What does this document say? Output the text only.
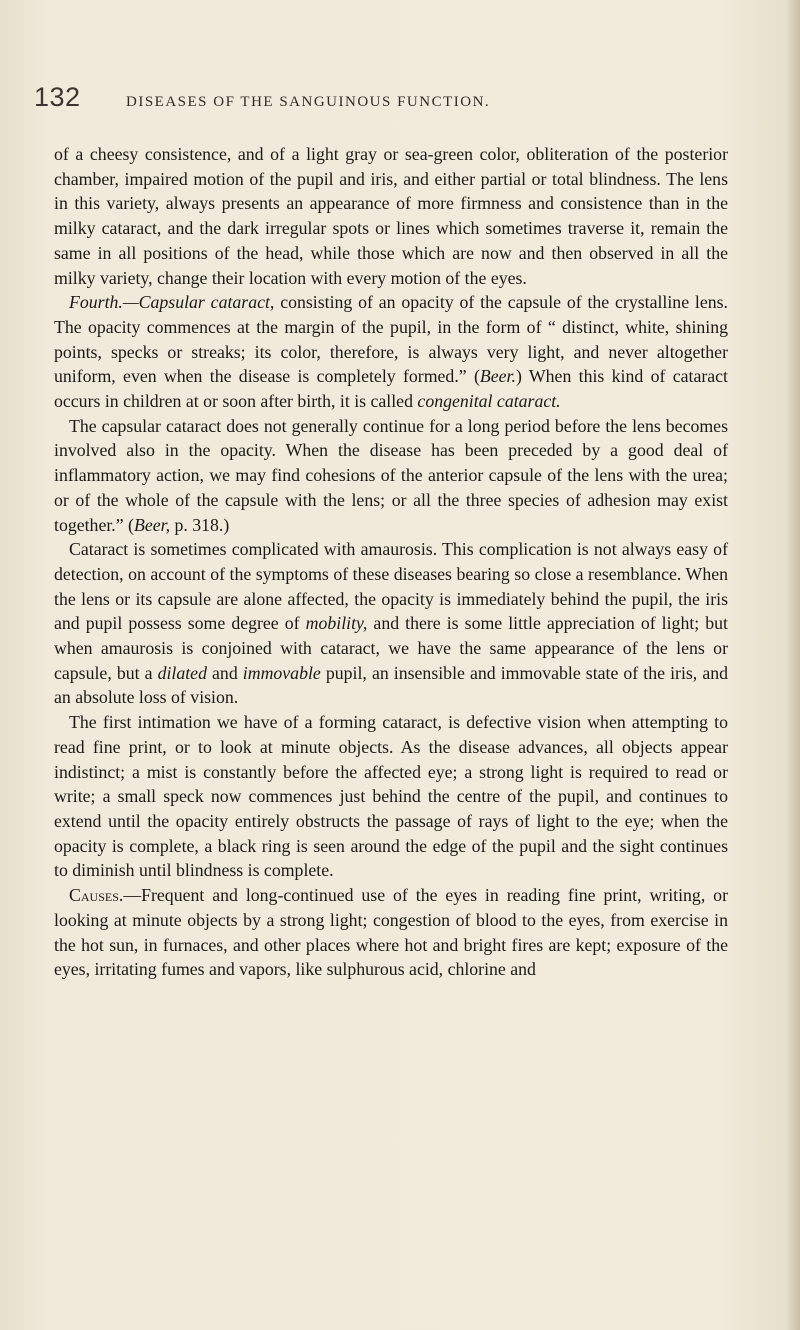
132	DISEASES OF THE SANGUINOUS FUNCTION.

of a cheesy consistence, and of a light gray or sea-green color, obliteration of the posterior chamber, impaired motion of the pupil and iris, and either partial or total blindness. The lens in this variety, always presents an appearance of more firmness and consistence than in the milky cataract, and the dark irregular spots or lines which sometimes traverse it, remain the same in all positions of the head, while those which are now and then observed in all the milky variety, change their location with every motion of the eyes.

Fourth.—Capsular cataract, consisting of an opacity of the capsule of the crystalline lens. The opacity commences at the margin of the pupil, in the form of “ distinct, white, shining points, specks or streaks; its color, therefore, is always very light, and never altogether uniform, even when the disease is completely formed.” (Beer.) When this kind of cataract occurs in children at or soon after birth, it is called congenital cataract.

The capsular cataract does not generally continue for a long period before the lens becomes involved also in the opacity. When the disease has been preceded by a good deal of inflammatory action, we may find cohesions of the anterior capsule of the lens with the urea; or of the whole of the capsule with the lens; or all the three species of adhesion may exist together.” (Beer, p. 318.)

Cataract is sometimes complicated with amaurosis. This complication is not always easy of detection, on account of the symptoms of these diseases bearing so close a resemblance. When the lens or its capsule are alone affected, the opacity is immediately behind the pupil, the iris and pupil possess some degree of mobility, and there is some little appreciation of light; but when amaurosis is conjoined with cataract, we have the same appearance of the lens or capsule, but a dilated and immovable pupil, an insensible and immovable state of the iris, and an absolute loss of vision.

The first intimation we have of a forming cataract, is defective vision when attempting to read fine print, or to look at minute objects. As the disease advances, all objects appear indistinct; a mist is constantly before the affected eye; a strong light is required to read or write; a small speck now commences just behind the centre of the pupil, and continues to extend until the opacity entirely obstructs the passage of rays of light to the eye; when the opacity is complete, a black ring is seen around the edge of the pupil and the sight continues to diminish until blindness is complete.

Causes.—Frequent and long-continued use of the eyes in reading fine print, writing, or looking at minute objects by a strong light; congestion of blood to the eyes, from exercise in the hot sun, in furnaces, and other places where hot and bright fires are kept; exposure of the eyes, irritating fumes and vapors, like sulphurous acid, chlorine and
